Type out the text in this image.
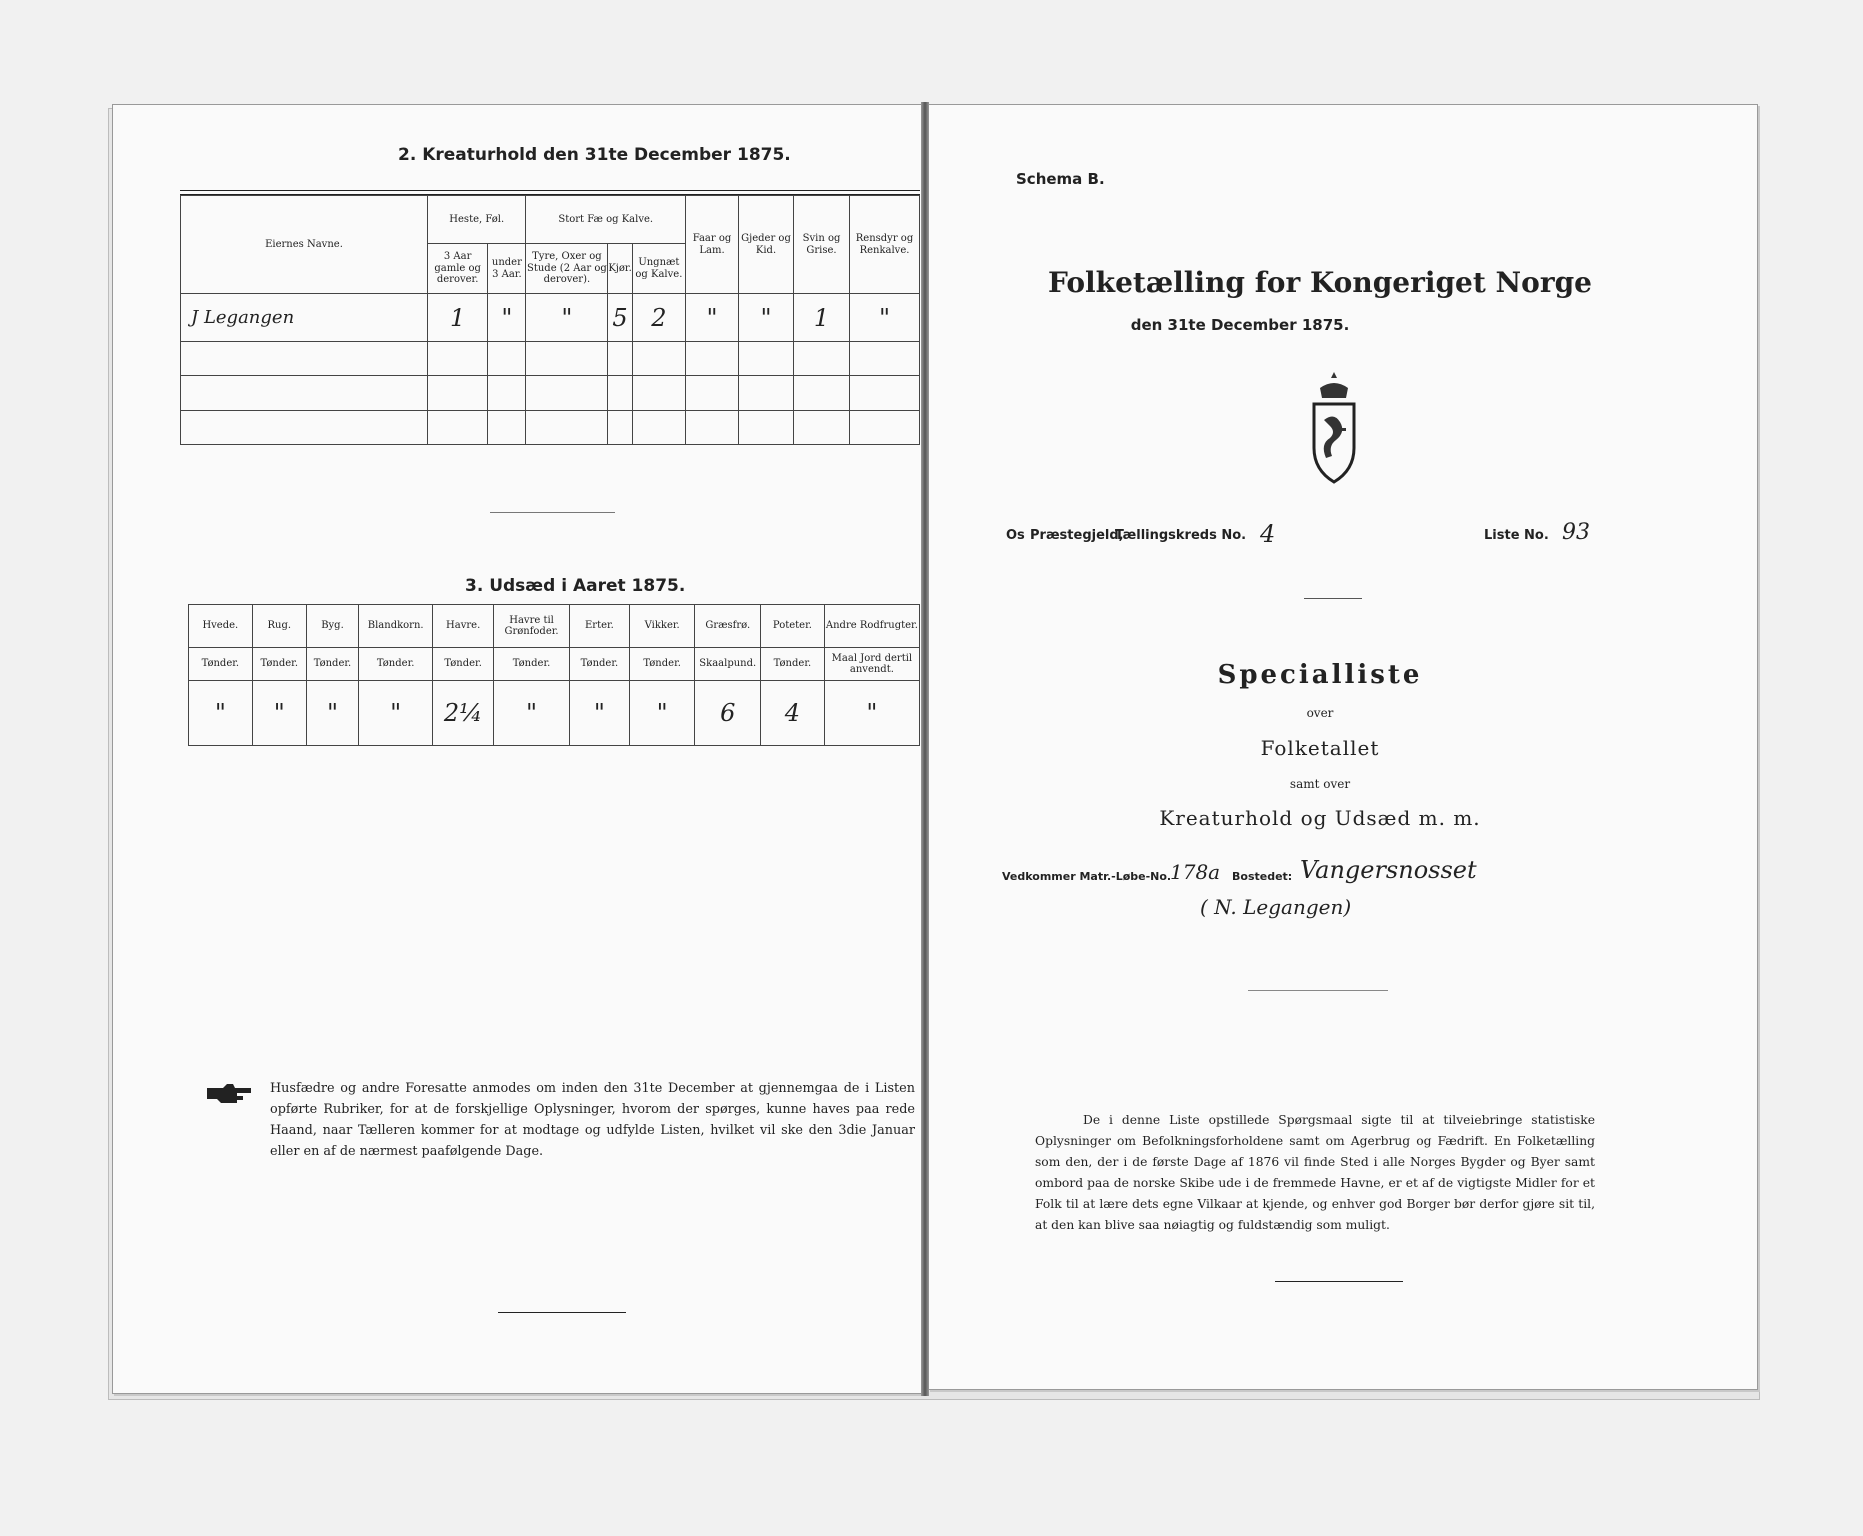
2. Kreaturhold den 31te December 1875.
Eiernes Navne.	Heste, Føl.		Stort Fæ og Kalve.			Faar og Lam.	Gjeder og Kid.	Svin og Grise.	Rensdyr og Renkalve.
	3 Aar gamle og derover.	under 3 Aar.	Tyre, Oxer og Stude (2 Aar og derover).	Kjør.	Ungnæt og Kalve.				
J Legangen	1	"	"	5	2	"	"	1	"

3. Udsæd i Aaret 1875.
Hvede.	Rug.	Byg.	Blandkorn.	Havre.	Havre til Grønfoder.	Erter.	Vikker.	Græsfrø.	Poteter.	Andre Rodfrugter.
Tønder.	Tønder.	Tønder.	Tønder.	Tønder.	Tønder.	Tønder.	Tønder.	Skaalpund.	Tønder.	Maal Jord dertil anvendt.
"	"	"	"	2¼	"	"	"	6	4	"
Husfædre og andre Foresatte anmodes om inden den 31te December at gjennemgaa de i Listen opførte Rubriker, for at de forskjellige Oplysninger, hvorom der spørges, kunne haves paa rede Haand, naar Tælleren kommer for at modtage og udfylde Listen, hvilket vil ske den 3die Januar eller en af de nærmest paafølgende Dage.
Schema B.
Folketælling for Kongeriget Norge
den 31te December 1875.
Os Præstegjeld,
Tællingskreds No. 4	Liste No. 93
Specialliste
over
Folketallet
samt over
Kreaturhold og Udsæd m. m.
Vedkommer Matr.-Løbe-No.
178a Bostedet: Vangersnosset
( N. Legangen)
De i denne Liste opstillede Spørgsmaal sigte til at tilveiebringe statistiske Oplysninger om Befolkningsforholdene samt om Agerbrug og Fædrift. En Folketælling som den, der i de første Dage af 1876 vil finde Sted i alle Norges Bygder og Byer samt ombord paa de norske Skibe ude i de fremmede Havne, er et af de vigtigste Midler for et Folk til at lære dets egne Vilkaar at kjende, og enhver god Borger bør derfor gjøre sit til, at den kan blive saa nøiagtig og fuldstændig som muligt.
